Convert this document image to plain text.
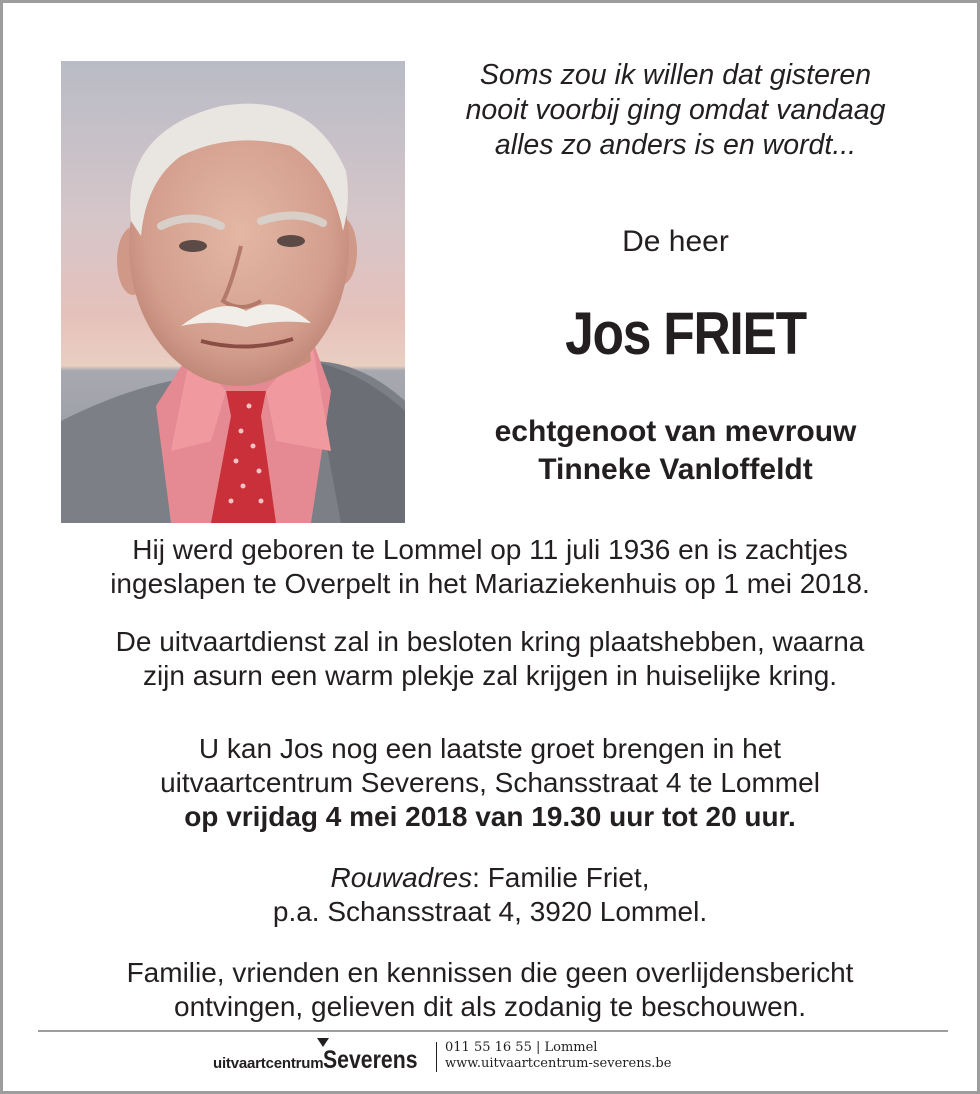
Soms zou ik willen dat gisteren
nooit voorbij ging omdat vandaag
alles zo anders is en wordt...
De heer
Jos FRIET
echtgenoot van mevrouw
Tinneke Vanloffeldt
Hij werd geboren te Lommel op 11 juli 1936 en is zachtjes
ingeslapen te Overpelt in het Mariaziekenhuis op 1 mei 2018.
De uitvaartdienst zal in besloten kring plaatshebben, waarna
zijn asurn een warm plekje zal krijgen in huiselijke kring.
U kan Jos nog een laatste groet brengen in het
uitvaartcentrum Severens, Schansstraat 4 te Lommel
op vrijdag 4 mei 2018 van 19.30 uur tot 20 uur.
Rouwadres: Familie Friet,
p.a. Schansstraat 4, 3920 Lommel.
Familie, vrienden en kennissen die geen overlijdensbericht
ontvingen, gelieven dit als zodanig te beschouwen.
uitvaartcentrum Severens 011 55 16 55 | Lommel
www.uitvaartcentrum-severens.be
